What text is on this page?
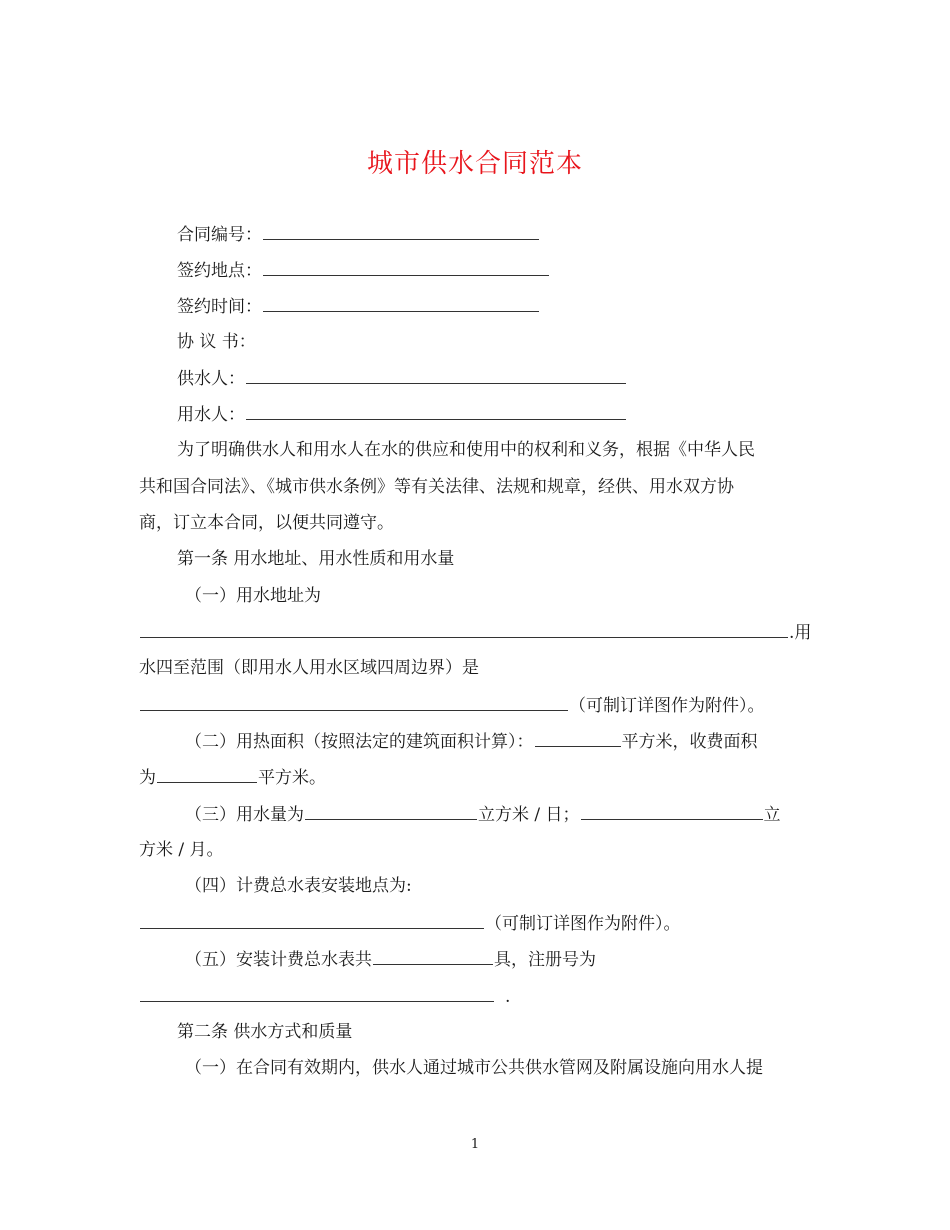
城市供水合同范本
合同编号：
签约地点：
签约时间：
协 议 书：
供水人：
用水人：
为了明确供水人和用水人在水的供应和使用中的权利和义务，根据《中华人民
共和国合同法》、《城市供水条例》等有关法律、法规和规章，经供、用水双方协
商，订立本合同，以便共同遵守。
第一条 用水地址、用水性质和用水量
（一）用水地址为
.用
水四至范围（即用水人用水区域四周边界）是
（可制订详图作为附件）。
（二）用热面积（按照法定的建筑面积计算）：	平方米，收费面积
为	平方米。
（三）用水量为	立方米 / 日；	立
方米 / 月。
（四）计费总水表安装地点为:
（可制订详图作为附件）。
（五）安装计费总水表共	具，注册号为
.
第二条 供水方式和质量
（一）在合同有效期内，供水人通过城市公共供水管网及附属设施向用水人提
1
